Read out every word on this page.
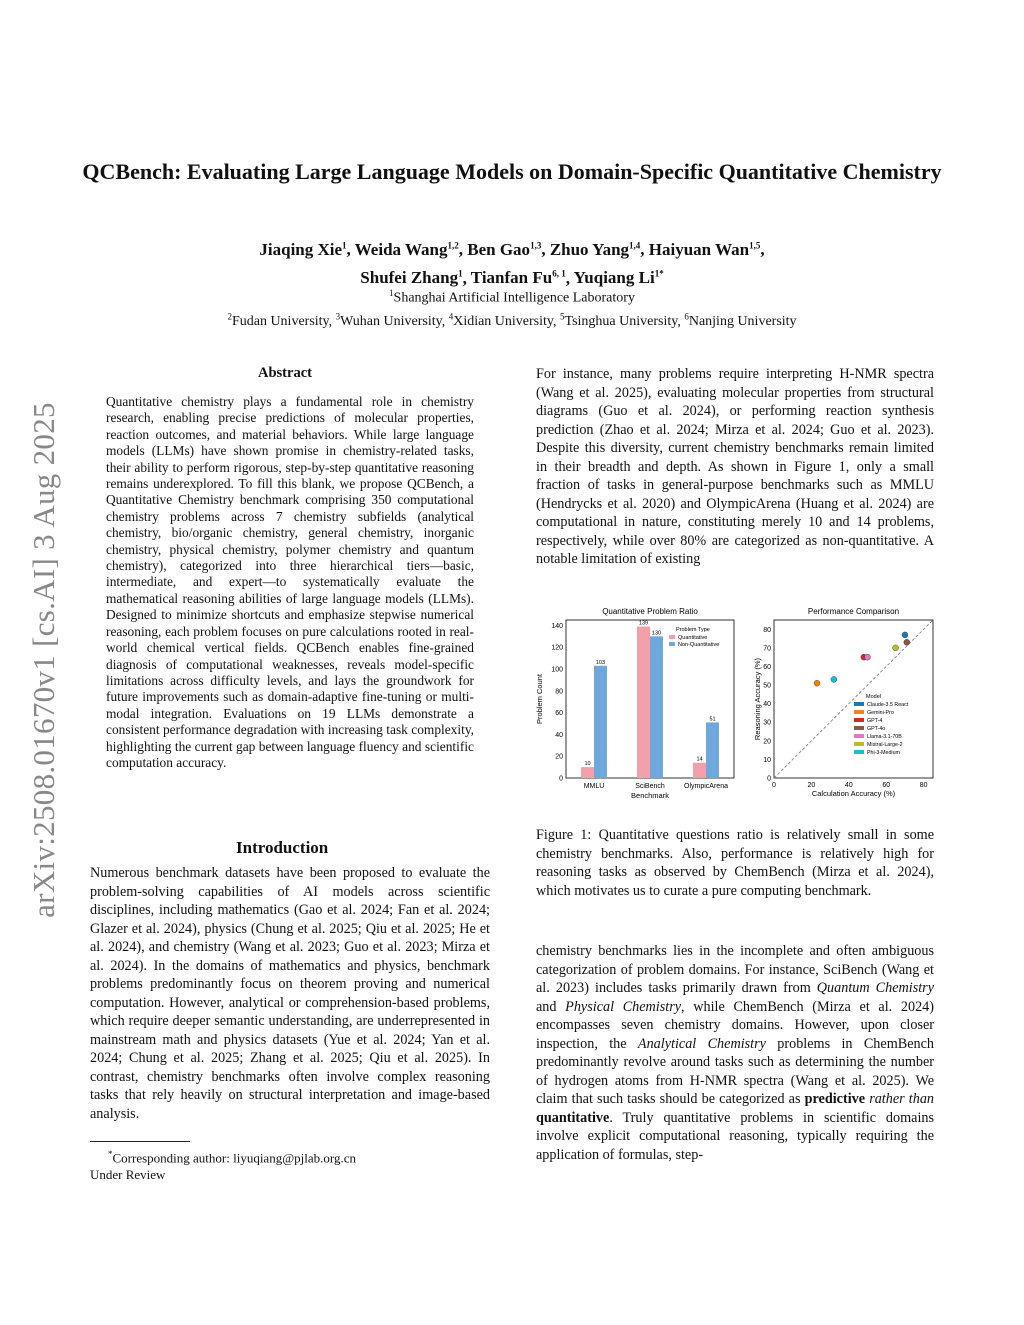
arXiv:2508.01670v1 [cs.AI] 3 Aug 2025
QCBench: Evaluating Large Language Models on Domain-Specific Quantitative Chemistry
Jiaqing Xie$^1$, Weida Wang$^{1,2}$, Ben Gao$^{1,3}$, Zhuo Yang$^{1,4}$, Haiyuan Wan$^{1,5}$,
Shufei Zhang$^1$, Tianfan Fu$^{6, 1}$, Yuqiang $Li^{1*}$
$^1$Shanghai Artificial Intelligence Laboratory
$^2$Fudan University, $^3$Wuhan University, $^4$Xidian University, $^5$Tsinghua University, $^6$Nanjing University
Abstract
Quantitative chemistry plays a fundamental role in chemistry research, enabling precise predictions of molecular properties, reaction outcomes, and material behaviors. While large language models (LLMs) have shown promise in chemistry-related tasks, their ability to perform rigorous, step-by-step quantitative reasoning remains underexplored. To fill this blank, we propose QCBench, a Quantitative Chemistry benchmark comprising 350 computational chemistry problems across 7 chemistry subfields (analytical chemistry, bio/organic chemistry, general chemistry, inorganic chemistry, physical chemistry, polymer chemistry and quantum chemistry), categorized into three hierarchical tiers—basic, intermediate, and expert—to systematically evaluate the mathematical reasoning abilities of large language models (LLMs). Designed to minimize shortcuts and emphasize stepwise numerical reasoning, each problem focuses on pure calculations rooted in real-world chemical vertical fields. QCBench enables fine-grained diagnosis of computational weaknesses, reveals model-specific limitations across difficulty levels, and lays the groundwork for future improvements such as domain-adaptive fine-tuning or multi-modal integration. Evaluations on 19 LLMs demonstrate a consistent performance degradation with increasing task complexity, highlighting the current gap between language fluency and scientific computation accuracy.
Introduction
Numerous benchmark datasets have been proposed to evaluate the problem-solving capabilities of AI models across scientific disciplines, including mathematics (Gao et al. 2024; Fan et al. 2024; Glazer et al. 2024), physics (Chung et al. 2025; Qiu et al. 2025; He et al. 2024), and chemistry (Wang et al. 2023; Guo et al. 2023; Mirza et al. 2024). In the domains of mathematics and physics, benchmark problems predominantly focus on theorem proving and numerical computation. However, analytical or comprehension-based problems, which require deeper semantic understanding, are underrepresented in mainstream math and physics datasets (Yue et al. 2024; Yan et al. 2024; Chung et al. 2025; Zhang et al. 2025; Qiu et al. 2025). In contrast, chemistry benchmarks often involve complex reasoning tasks that rely heavily on structural interpretation and image-based analysis.
*Corresponding author: liyuqiang@pjlab.org.cn
Under Review
For instance, many problems require interpreting H-NMR spectra (Wang et al. 2025), evaluating molecular properties from structural diagrams (Guo et al. 2024), or performing reaction synthesis prediction (Zhao et al. 2024; Mirza et al. 2024; Guo et al. 2023). Despite this diversity, current chemistry benchmarks remain limited in their breadth and depth. As shown in Figure 1, only a small fraction of tasks in general-purpose benchmarks such as MMLU (Hendrycks et al. 2020) and OlympicArena (Huang et al. 2024) are computational in nature, constituting merely 10 and 14 problems, respectively, while over 80% are categorized as non-quantitative. A notable limitation of existing
Quantitative Problem Ratio
Problem Count
Benchmark
0
20
40
60
80
100
120
140
MMLU
10
103
SciBench
139
130
OlympicArena
14
51
Problem Type
Quantitative
Non-Quantitative
Performance Comparison
Calculation Accuracy (%)
Reasoning Accuracy (%)
0	20	40	60	80
0
10
20
30
40
50
60
70
80
Model
Claude-3.5 React
Gemini-Pro
GPT-4
GPT-4o
Llama-3.1-70B
Mistral-Large-2
Phi-3-Medium
Figure 1: Quantitative questions ratio is relatively small in some chemistry benchmarks. Also, performance is relatively high for reasoning tasks as observed by ChemBench (Mirza et al. 2024), which motivates us to curate a pure computing benchmark.
chemistry benchmarks lies in the incomplete and often ambiguous categorization of problem domains. For instance, SciBench (Wang et al. 2023) includes tasks primarily drawn from Quantum Chemistry and Physical Chemistry, while ChemBench (Mirza et al. 2024) encompasses seven chemistry domains. However, upon closer inspection, the Analytical Chemistry problems in ChemBench predominantly revolve around tasks such as determining the number of hydrogen atoms from H-NMR spectra (Wang et al. 2025). We claim that such tasks should be categorized as predictive rather than quantitative. Truly quantitative problems in scientific domains involve explicit computational reasoning, typically requiring the application of formulas, step-
